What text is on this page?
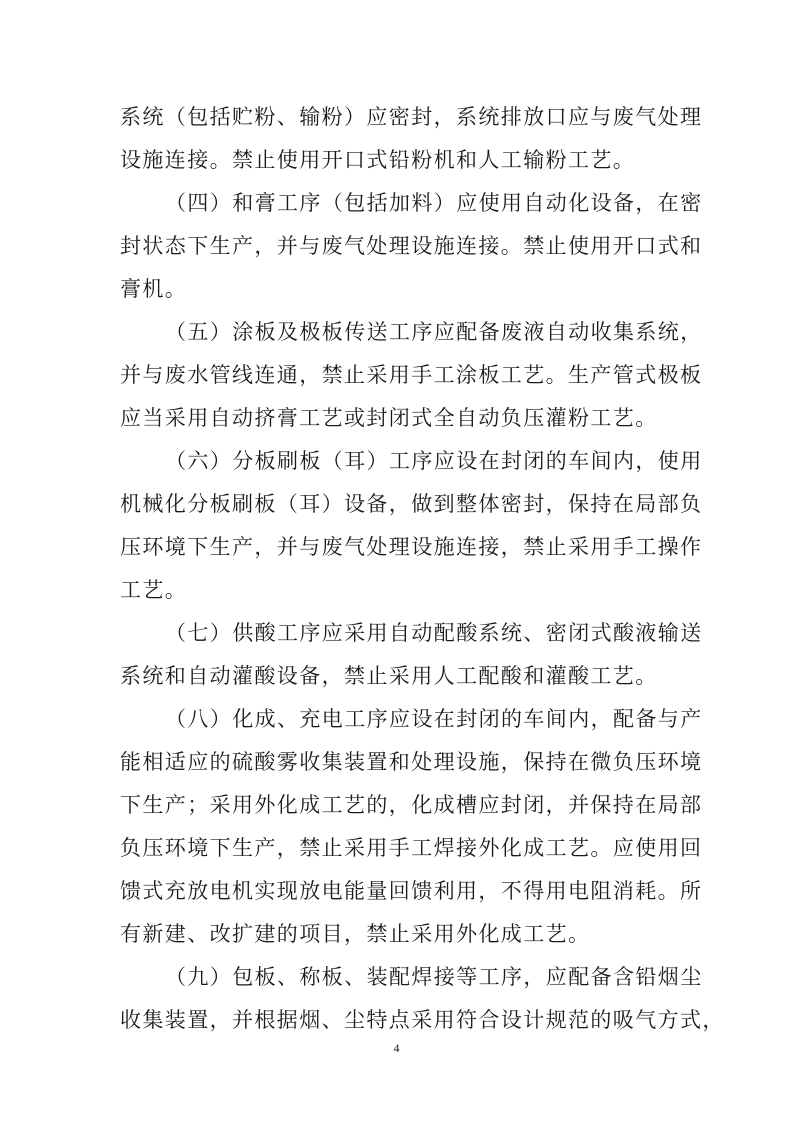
系统（包括贮粉、输粉）应密封，系统排放口应与废气处理
设施连接。禁止使用开口式铅粉机和人工输粉工艺。
（四）和膏工序（包括加料）应使用自动化设备，在密
封状态下生产，并与废气处理设施连接。禁止使用开口式和
膏机。
（五）涂板及极板传送工序应配备废液自动收集系统，
并与废水管线连通，禁止采用手工涂板工艺。生产管式极板
应当采用自动挤膏工艺或封闭式全自动负压灌粉工艺。
（六）分板刷板（耳）工序应设在封闭的车间内，使用
机械化分板刷板（耳）设备，做到整体密封，保持在局部负
压环境下生产，并与废气处理设施连接，禁止采用手工操作
工艺。
（七）供酸工序应采用自动配酸系统、密闭式酸液输送
系统和自动灌酸设备，禁止采用人工配酸和灌酸工艺。
（八）化成、充电工序应设在封闭的车间内，配备与产
能相适应的硫酸雾收集装置和处理设施，保持在微负压环境
下生产；采用外化成工艺的，化成槽应封闭，并保持在局部
负压环境下生产，禁止采用手工焊接外化成工艺。应使用回
馈式充放电机实现放电能量回馈利用，不得用电阻消耗。所
有新建、改扩建的项目，禁止采用外化成工艺。
（九）包板、称板、装配焊接等工序，应配备含铅烟尘
收集装置，并根据烟、尘特点采用符合设计规范的吸气方式，
4
